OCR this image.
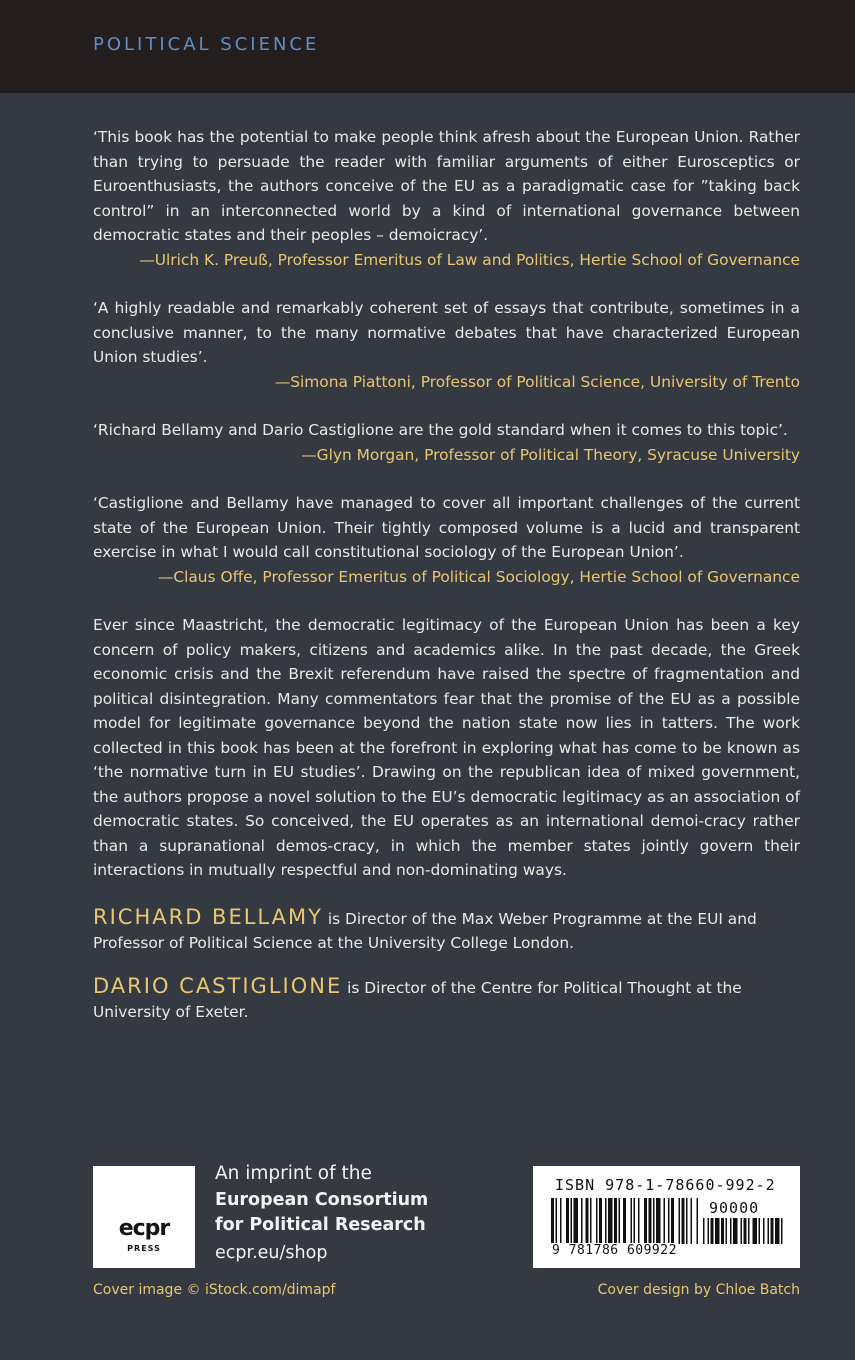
POLITICAL SCIENCE

‘This book has the potential to make people think afresh about the European Union. Rather than trying to persuade the reader with familiar arguments of either Eurosceptics or Euroenthusiasts, the authors conceive of the EU as a paradigmatic case for ”taking back control” in an interconnected world by a kind of international governance between democratic states and their peoples – demoicracy’.
—Ulrich K. Preuß, Professor Emeritus of Law and Politics, Hertie School of Governance

‘A highly readable and remarkably coherent set of essays that contribute, sometimes in a conclusive manner, to the many normative debates that have characterized European Union studies’.
—Simona Piattoni, Professor of Political Science, University of Trento

‘Richard Bellamy and Dario Castiglione are the gold standard when it comes to this topic’.
—Glyn Morgan, Professor of Political Theory, Syracuse University

‘Castiglione and Bellamy have managed to cover all important challenges of the current state of the European Union. Their tightly composed volume is a lucid and transparent exercise in what I would call constitutional sociology of the European Union’.
—Claus Offe, Professor Emeritus of Political Sociology, Hertie School of Governance

Ever since Maastricht, the democratic legitimacy of the European Union has been a key concern of policy makers, citizens and academics alike. In the past decade, the Greek economic crisis and the Brexit referendum have raised the spectre of fragmentation and political disintegration. Many commentators fear that the promise of the EU as a possible model for legitimate governance beyond the nation state now lies in tatters. The work collected in this book has been at the forefront in exploring what has come to be known as ‘the normative turn in EU studies’. Drawing on the republican idea of mixed government, the authors propose a novel solution to the EU’s democratic legitimacy as an association of democratic states. So conceived, the EU operates as an international demoi-cracy rather than a supranational demos-cracy, in which the member states jointly govern their interactions in mutually respectful and non-dominating ways.

RICHARD BELLAMY is Director of the Max Weber Programme at the EUI and Professor of Political Science at the University College London.

DARIO CASTIGLIONE is Director of the Centre for Political Thought at the University of Exeter.

ecpr
PRESS
An imprint of the
European Consortium
for Political Research
ecpr.eu/shop
ISBN 978-1-78660-992-2
90000
9 781786 609922
Cover image © iStock.com/dimapf	Cover design by Chloe Batch
